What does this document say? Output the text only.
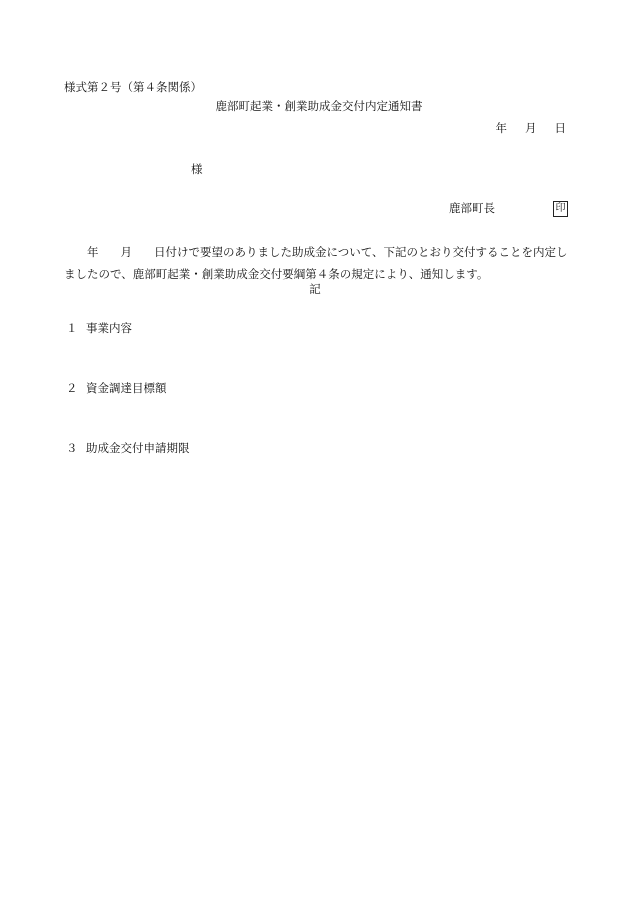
様式第２号（第４条関係）
鹿部町起業・創業助成金交付内定通知書
年 月 日
様
鹿部町長	印
年 月 日付けで要望のありました助成金について、下記のとおり交付することを内定しましたので、鹿部町起業・創業助成金交付要綱第４条の規定により、通知します。
記
１ 事業内容
２ 資金調達目標額
３ 助成金交付申請期限
